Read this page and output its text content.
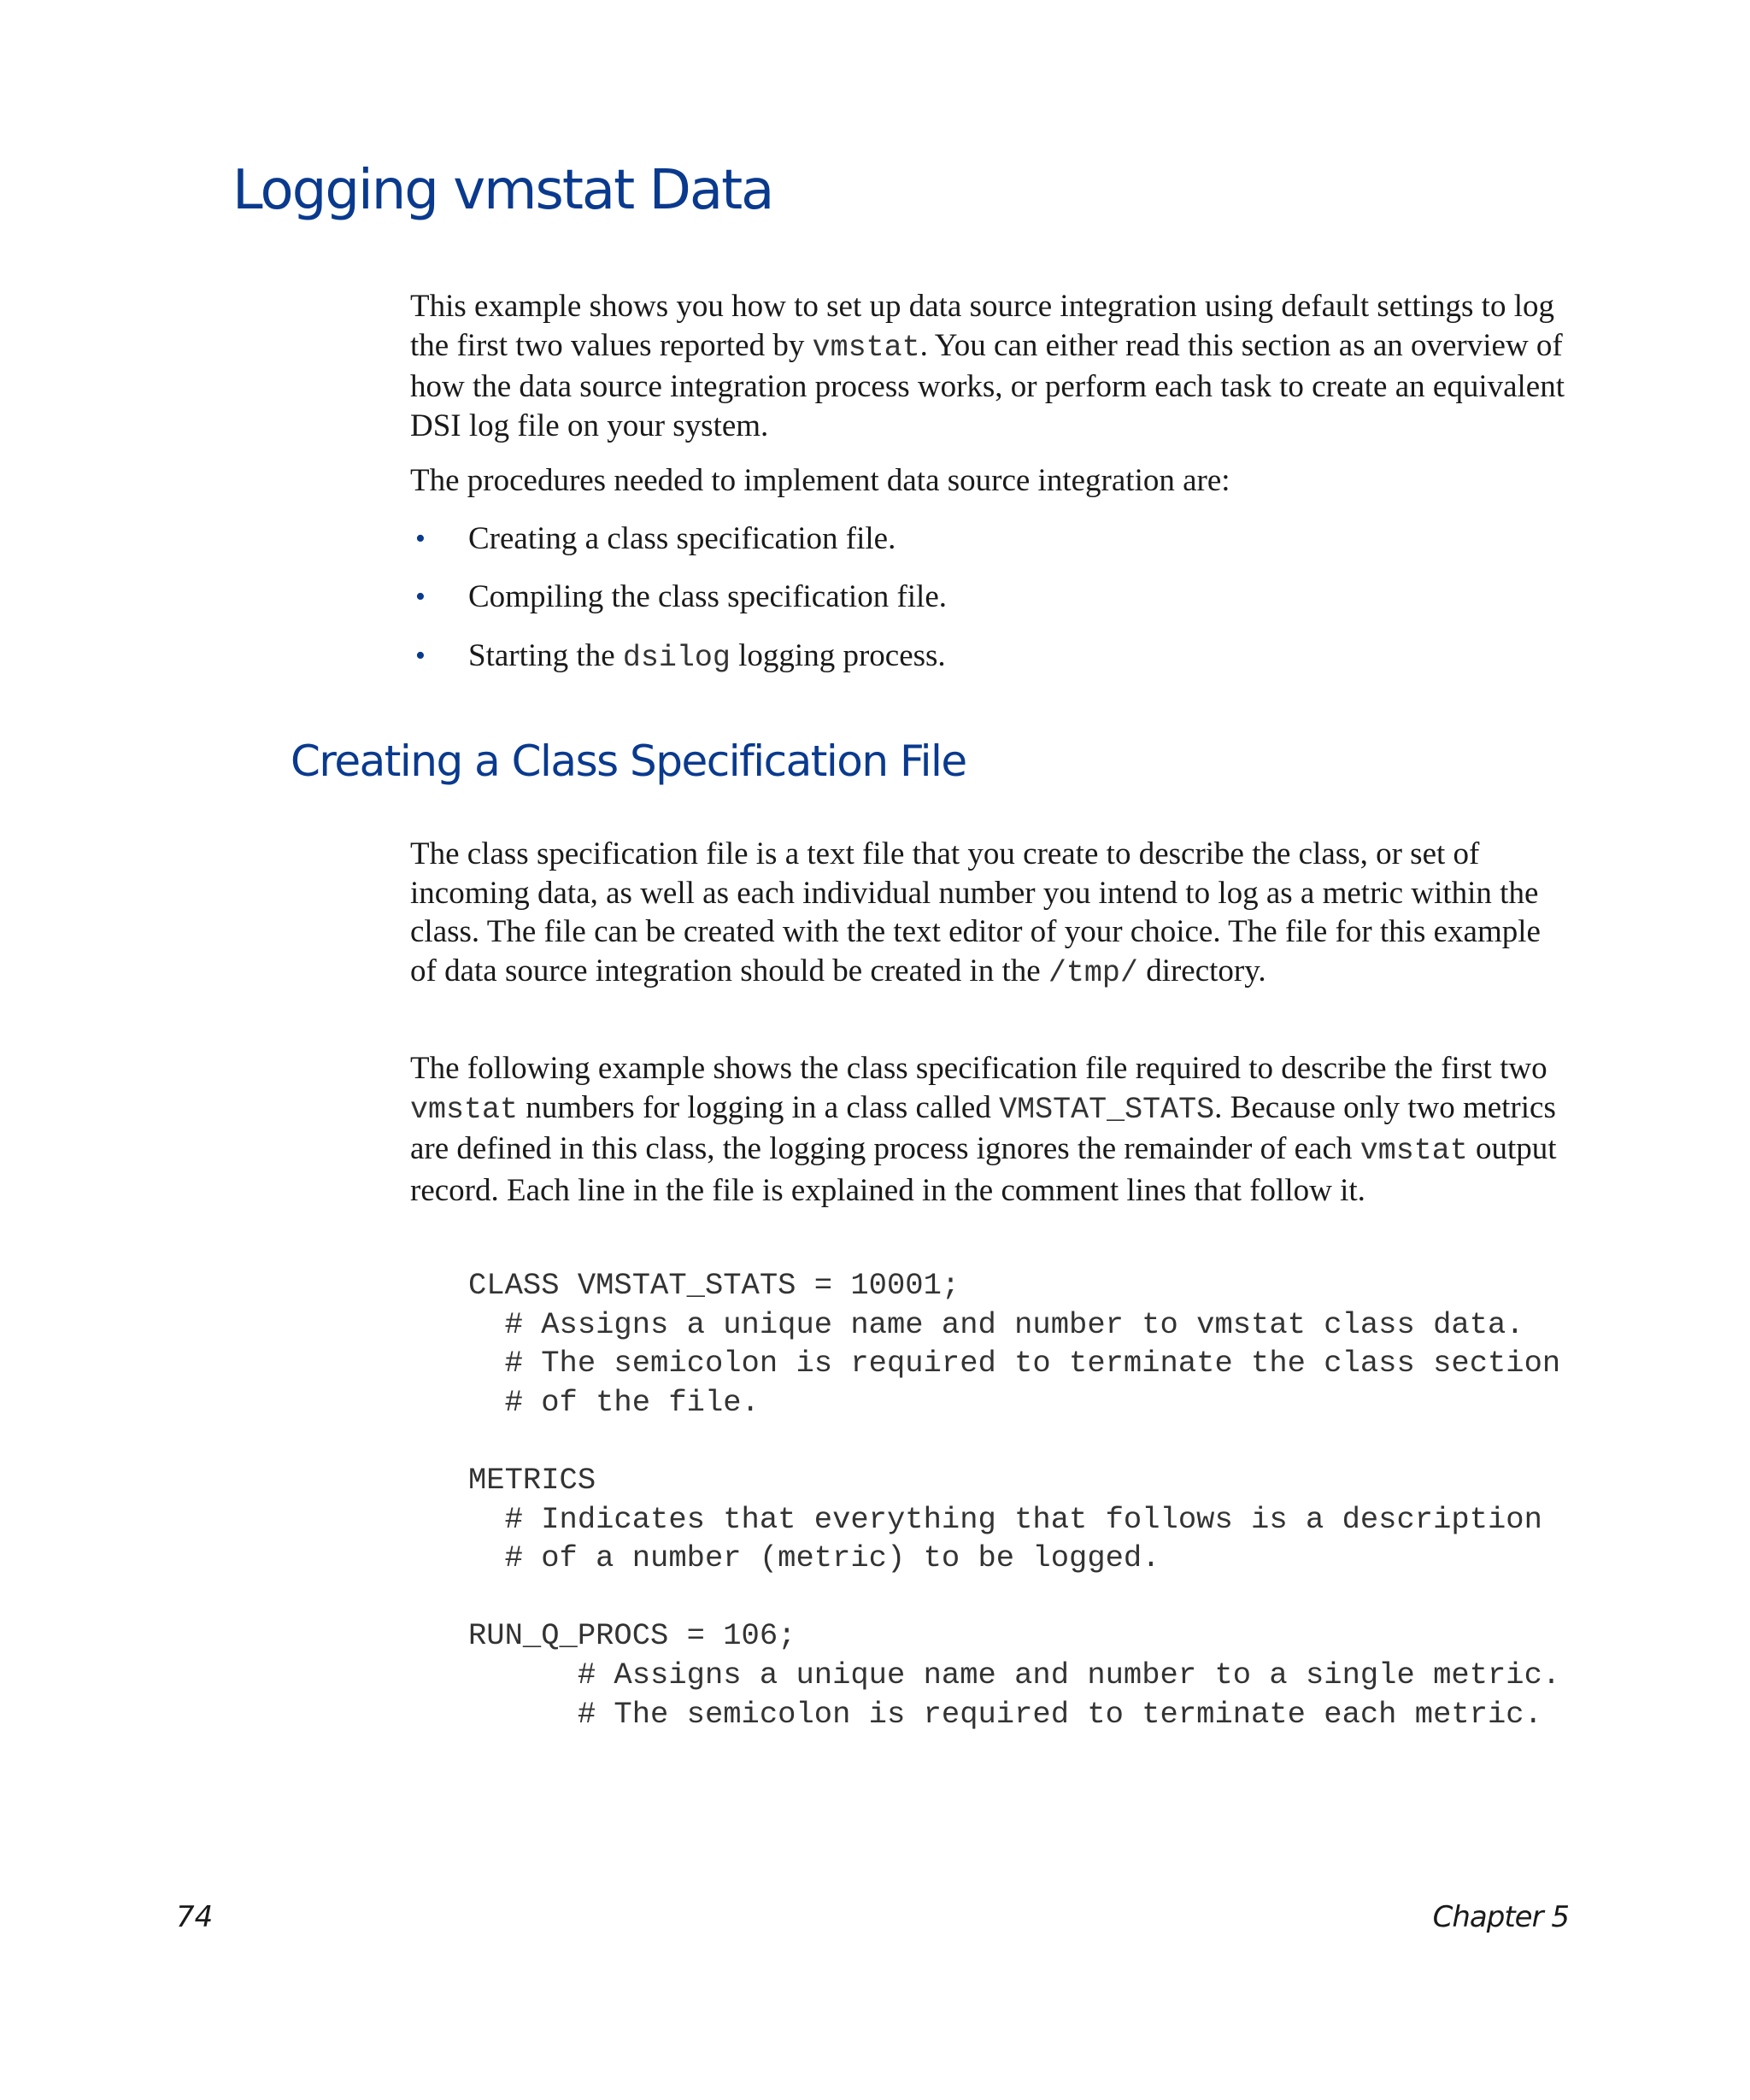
Logging vmstat Data

This example shows you how to set up data source integration using default settings to log the first two values reported by vmstat. You can either read this section as an overview of how the data source integration process works, or perform each task to create an equivalent DSI log file on your system.

The procedures needed to implement data source integration are:

• Creating a class specification file.
• Compiling the class specification file.
• Starting the dsilog logging process.
Creating a Class Specification File

The class specification file is a text file that you create to describe the class, or set of incoming data, as well as each individual number you intend to log as a metric within the class. The file can be created with the text editor of your choice. The file for this example of data source integration should be created in the /tmp/ directory.

The following example shows the class specification file required to describe the first two vmstat numbers for logging in a class called VMSTAT_STATS. Because only two metrics are defined in this class, the logging process ignores the remainder of each vmstat output record. Each line in the file is explained in the comment lines that follow it.

CLASS VMSTAT_STATS = 10001;
# Assigns a unique name and number to vmstat class data.
# The semicolon is required to terminate the class section
# of the file.

METRICS
# Indicates that everything that follows is a description
# of a number (metric) to be logged.

RUN_Q_PROCS = 106;
# Assigns a unique name and number to a single metric.
# The semicolon is required to terminate each metric.
74	Chapter 5
